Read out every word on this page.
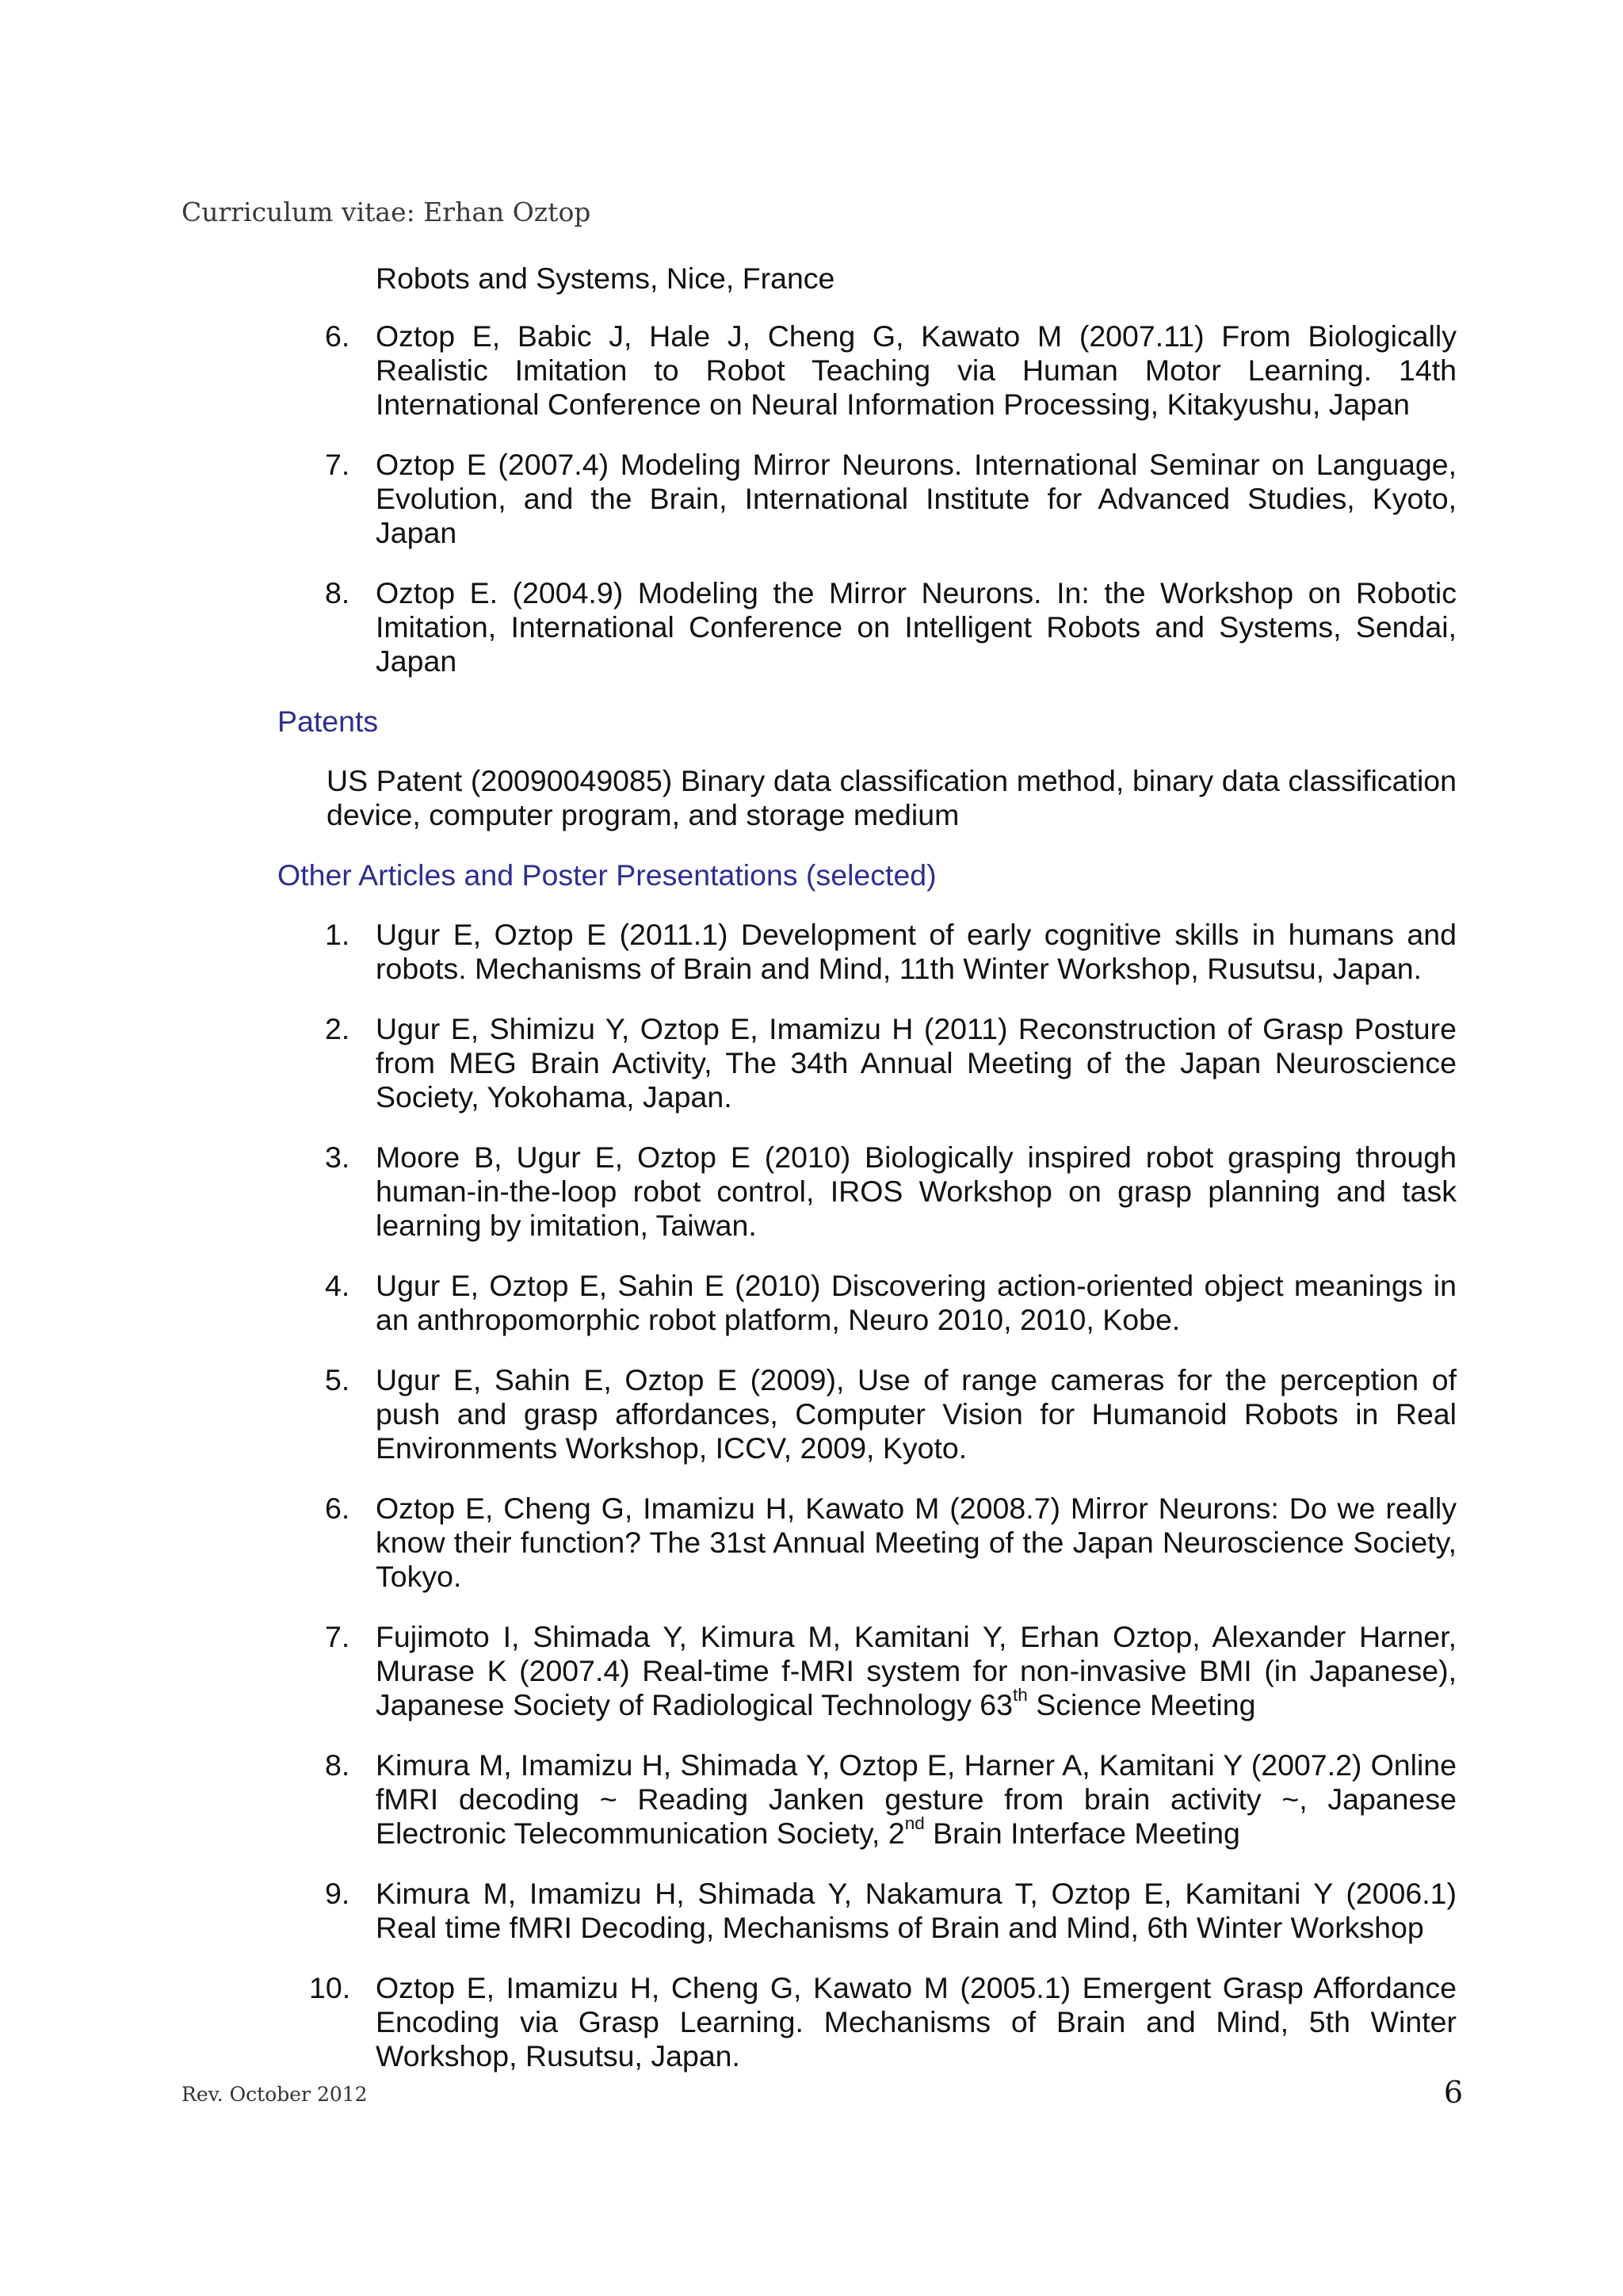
Curriculum vitae: Erhan Oztop
Robots and Systems, Nice, France
6. Oztop E, Babic J, Hale J, Cheng G, Kawato M (2007.11) From Biologically Realistic Imitation to Robot Teaching via Human Motor Learning. 14th International Conference on Neural Information Processing, Kitakyushu, Japan
7. Oztop E (2007.4) Modeling Mirror Neurons. International Seminar on Language, Evolution, and the Brain, International Institute for Advanced Studies, Kyoto, Japan
8. Oztop E. (2004.9) Modeling the Mirror Neurons. In: the Workshop on Robotic Imitation, International Conference on Intelligent Robots and Systems, Sendai, Japan
Patents
US Patent (20090049085) Binary data classification method, binary data classification device, computer program, and storage medium
Other Articles and Poster Presentations (selected)
1. Ugur E, Oztop E (2011.1) Development of early cognitive skills in humans and robots. Mechanisms of Brain and Mind, 11th Winter Workshop, Rusutsu, Japan.
2. Ugur E, Shimizu Y, Oztop E, Imamizu H (2011) Reconstruction of Grasp Posture from MEG Brain Activity, The 34th Annual Meeting of the Japan Neuroscience Society, Yokohama, Japan.
3. Moore B, Ugur E, Oztop E (2010) Biologically inspired robot grasping through human-in-the-loop robot control, IROS Workshop on grasp planning and task learning by imitation, Taiwan.
4. Ugur E, Oztop E, Sahin E (2010) Discovering action-oriented object meanings in an anthropomorphic robot platform, Neuro 2010, 2010, Kobe.
5. Ugur E, Sahin E, Oztop E (2009), Use of range cameras for the perception of push and grasp affordances, Computer Vision for Humanoid Robots in Real Environments Workshop, ICCV, 2009, Kyoto.
6. Oztop E, Cheng G, Imamizu H, Kawato M (2008.7) Mirror Neurons: Do we really know their function? The 31st Annual Meeting of the Japan Neuroscience Society, Tokyo.
7. Fujimoto I, Shimada Y, Kimura M, Kamitani Y, Erhan Oztop, Alexander Harner, Murase K (2007.4) Real-time f-MRI system for non-invasive BMI (in Japanese), Japanese Society of Radiological Technology 63th Science Meeting
8. Kimura M, Imamizu H, Shimada Y, Oztop E, Harner A, Kamitani Y (2007.2) Online fMRI decoding ~ Reading Janken gesture from brain activity ~, Japanese Electronic Telecommunication Society, 2nd Brain Interface Meeting
9. Kimura M, Imamizu H, Shimada Y, Nakamura T, Oztop E, Kamitani Y (2006.1) Real time fMRI Decoding, Mechanisms of Brain and Mind, 6th Winter Workshop
10. Oztop E, Imamizu H, Cheng G, Kawato M (2005.1) Emergent Grasp Affordance Encoding via Grasp Learning. Mechanisms of Brain and Mind, 5th Winter Workshop, Rusutsu, Japan.
Rev. October 2012	6
